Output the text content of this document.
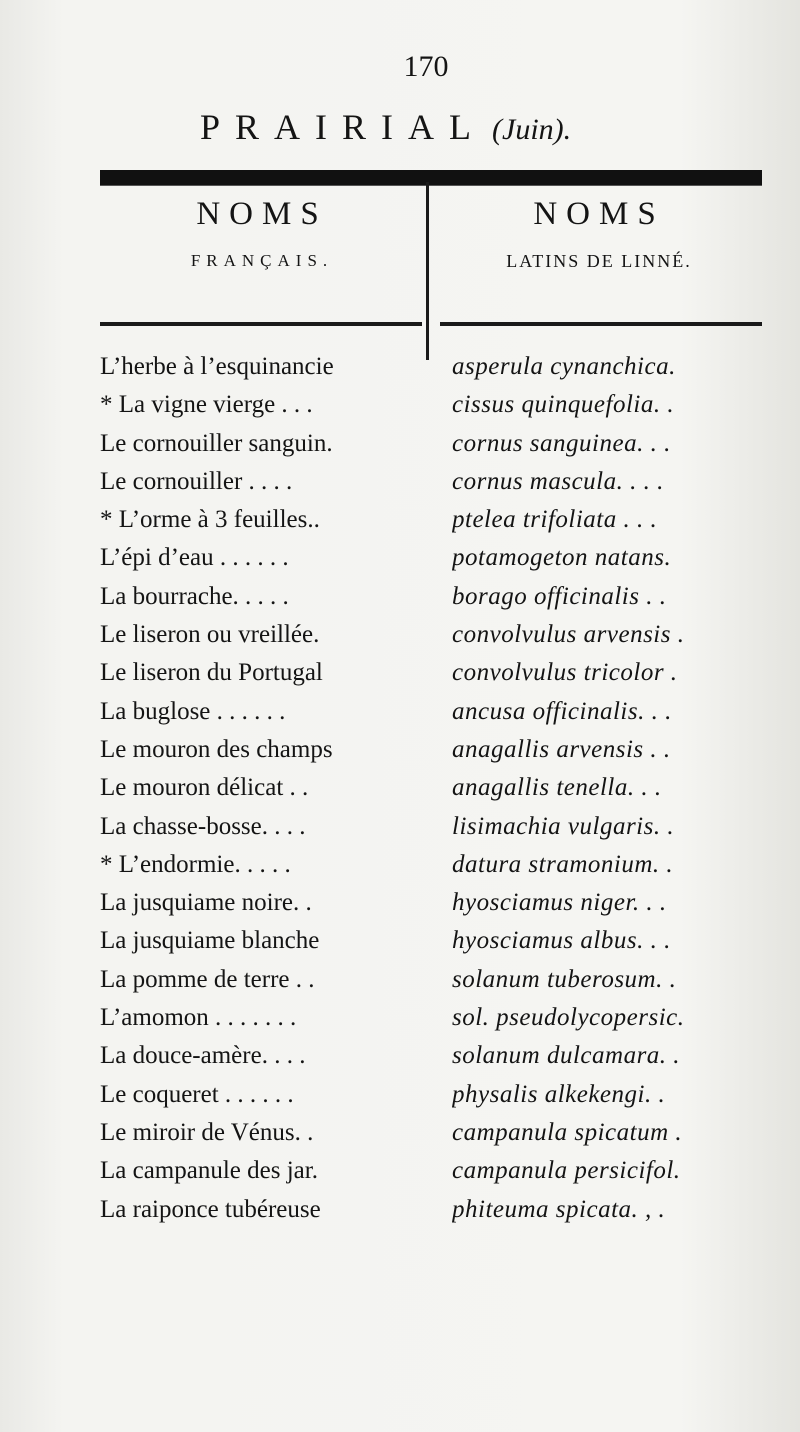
170
PRAIRIAL (Juin).
NOMS
FRANÇAIS.
NOMS
LATINS DE LINNÉ.
L’herbe à l’esquinancie	asperula cynanchica.
* La vigne vierge . . .	cissus quinquefolia. .
Le cornouiller sanguin.	cornus sanguinea. . .
Le cornouiller . . . .	cornus mascula. . . .
* L’orme à 3 feuilles..	ptelea trifoliata . . .
L’épi d’eau . . . . . .	potamogeton natans.
La bourrache. . . . .	borago officinalis . .
Le liseron ou vreillée.	convolvulus arvensis .
Le liseron du Portugal	convolvulus tricolor .
La buglose . . . . . .	ancusa officinalis. . .
Le mouron des champs	anagallis arvensis . .
Le mouron délicat . .	anagallis tenella. . .
La chasse-bosse. . . .	lisimachia vulgaris. .
* L’endormie. . . . .	datura stramonium. .
La jusquiame noire. .	hyosciamus niger. . .
La jusquiame blanche	hyosciamus albus. . .
La pomme de terre . .	solanum tuberosum. .
L’amomon . . . . . . .	sol. pseudolycopersic.
La douce-amère. . . .	solanum dulcamara. .
Le coqueret . . . . . .	physalis alkekengi. .
Le miroir de Vénus. .	campanula spicatum .
La campanule des jar.	campanula persicifol.
La raiponce tubéreuse	phiteuma spicata. , .
